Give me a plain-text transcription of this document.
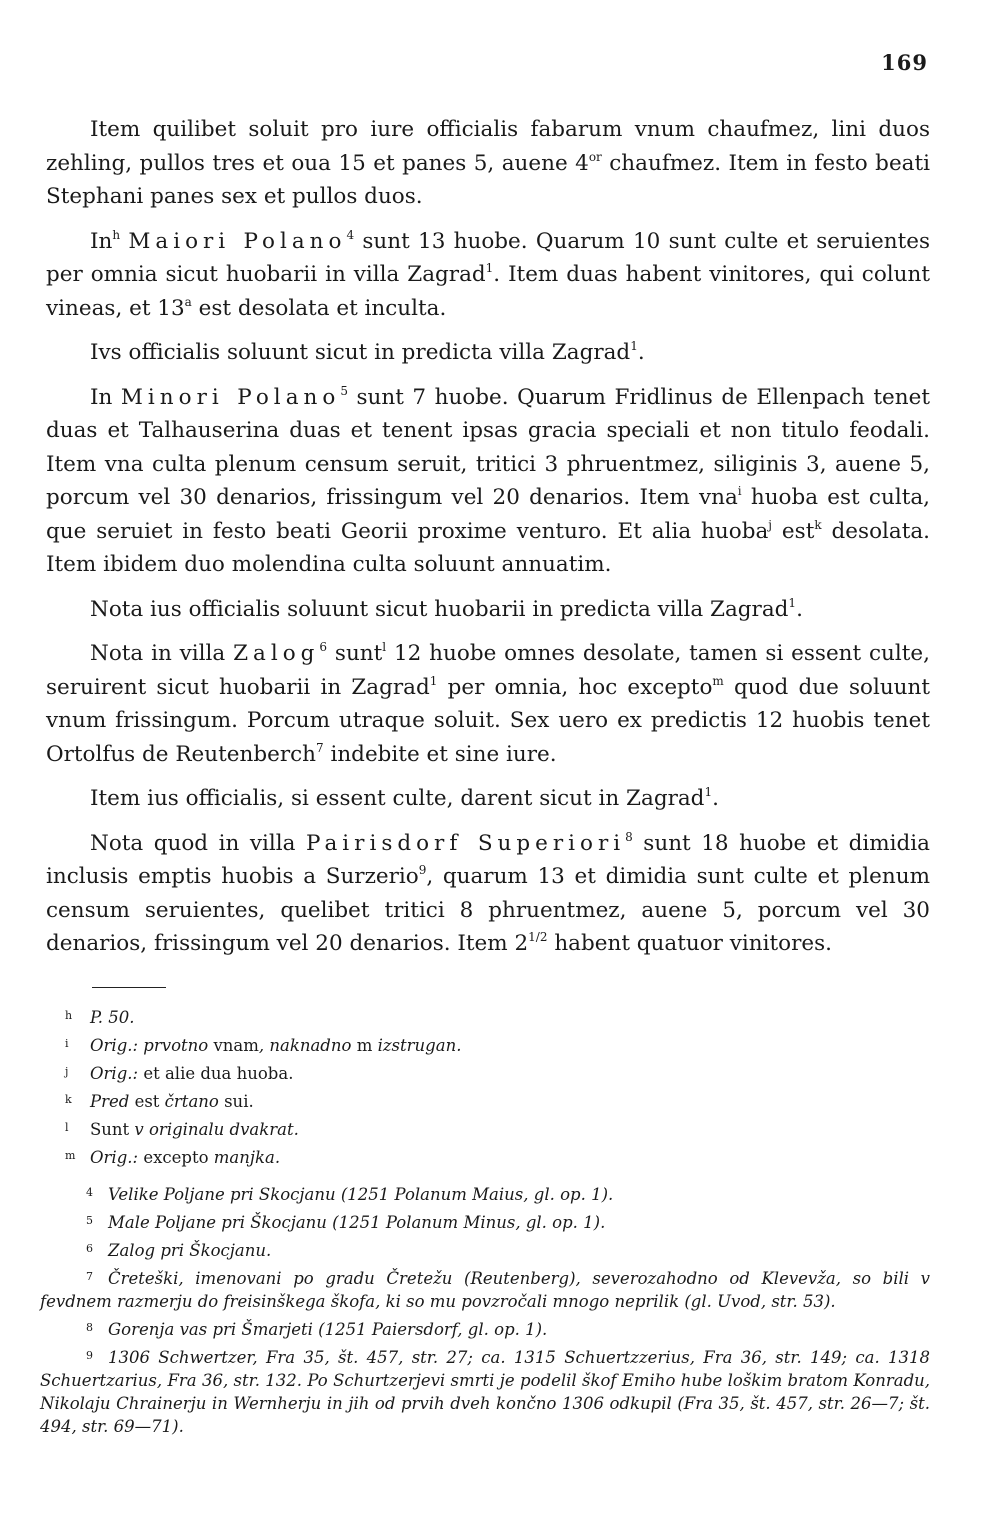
169

Item quilibet soluit pro iure officialis fabarum vnum chaufmez, lini duos zehling, pullos tres et oua 15 et panes 5, auene $4^{or}$ chaufmez. Item in festo beati Stephani panes sex et pullos duos.

In$^h$ Maiori Polano$^4$ sunt 13 huobe. Quarum 10 sunt culte et seruientes per omnia sicut huobarii in villa Zagrad$^1$. Item duas habent vinitores, qui colunt vineas, et 13$^a$ est desolata et inculta.

Ivs officialis soluunt sicut in predicta villa Zagrad$^1$.

In Minori Polano$^5$ sunt 7 huobe. Quarum Fridlinus de Ellenpach tenet duas et Talhauserina duas et tenent ipsas gracia speciali et non titulo feodali. Item vna culta plenum censum seruit, tritici 3 phruentmez, siliginis 3, auene 5, porcum vel 30 denarios, frissingum vel 20 denarios. Item vna$^i$ huoba est culta, que seruiet in festo beati Georii proxime venturo. Et alia huoba$^j$ est$^k$ desolata. Item ibidem duo molendina culta soluunt annuatim.

Nota ius officialis soluunt sicut huobarii in predicta villa Zagrad$^1$.

Nota in villa Zalog$^6$ sunt$^l$ 12 huobe omnes desolate, tamen si essent culte, seruirent sicut huobarii in Zagrad$^1$ per omnia, hoc excepto$^m$ quod due soluunt vnum frissingum. Porcum utraque soluit. Sex uero ex predictis 12 huobis tenet Ortolfus de Reutenberch$^7$ indebite et sine iure.

Item ius officialis, si essent culte, darent sicut in Zagrad$^1$.

Nota quod in villa Pairisdorf Superiori$^8$ sunt 18 huobe et dimidia inclusis emptis huobis a Surzerio$^9$, quarum 13 et dimidia sunt culte et plenum censum seruientes, quelibet tritici 8 phruentmez, auene 5, porcum vel 30 denarios, frissingum vel 20 denarios. Item $2^{1/2}$ habent quatuor vinitores.

h P. 50.
i Orig.: prvotno vnam, naknadno m izstrugan.
j Orig.: et alie dua huoba.
k Pred est črtano sui.
l Sunt v originalu dvakrat.
m Orig.: excepto manjka.
4 Velike Poljane pri Skocjanu (1251 Polanum Maius, gl. op. 1).
5 Male Poljane pri Škocjanu (1251 Polanum Minus, gl. op. 1).
6 Zalog pri Škocjanu.
7 Čreteški, imenovani po gradu Čretežu (Reutenberg), severozahodno od Klevevža, so bili v fevdnem razmerju do freisinškega škofa, ki so mu povzročali mnogo neprilik (gl. Uvod, str. 53).
8 Gorenja vas pri Šmarjeti (1251 Paiersdorf, gl. op. 1).
9 1306 Schwertzer, Fra 35, št. 457, str. 27; ca. 1315 Schuertzzerius, Fra 36, str. 149; ca. 1318 Schuertzarius, Fra 36, str. 132. Po Schurtzerjevi smrti je podelil škof Emiho hube loškim bratom Konradu, Nikolaju Chrainerju in Wernherju in jih od prvih dveh končno 1306 odkupil (Fra 35, št. 457, str. 26—7; št. 494, str. 69—71).
